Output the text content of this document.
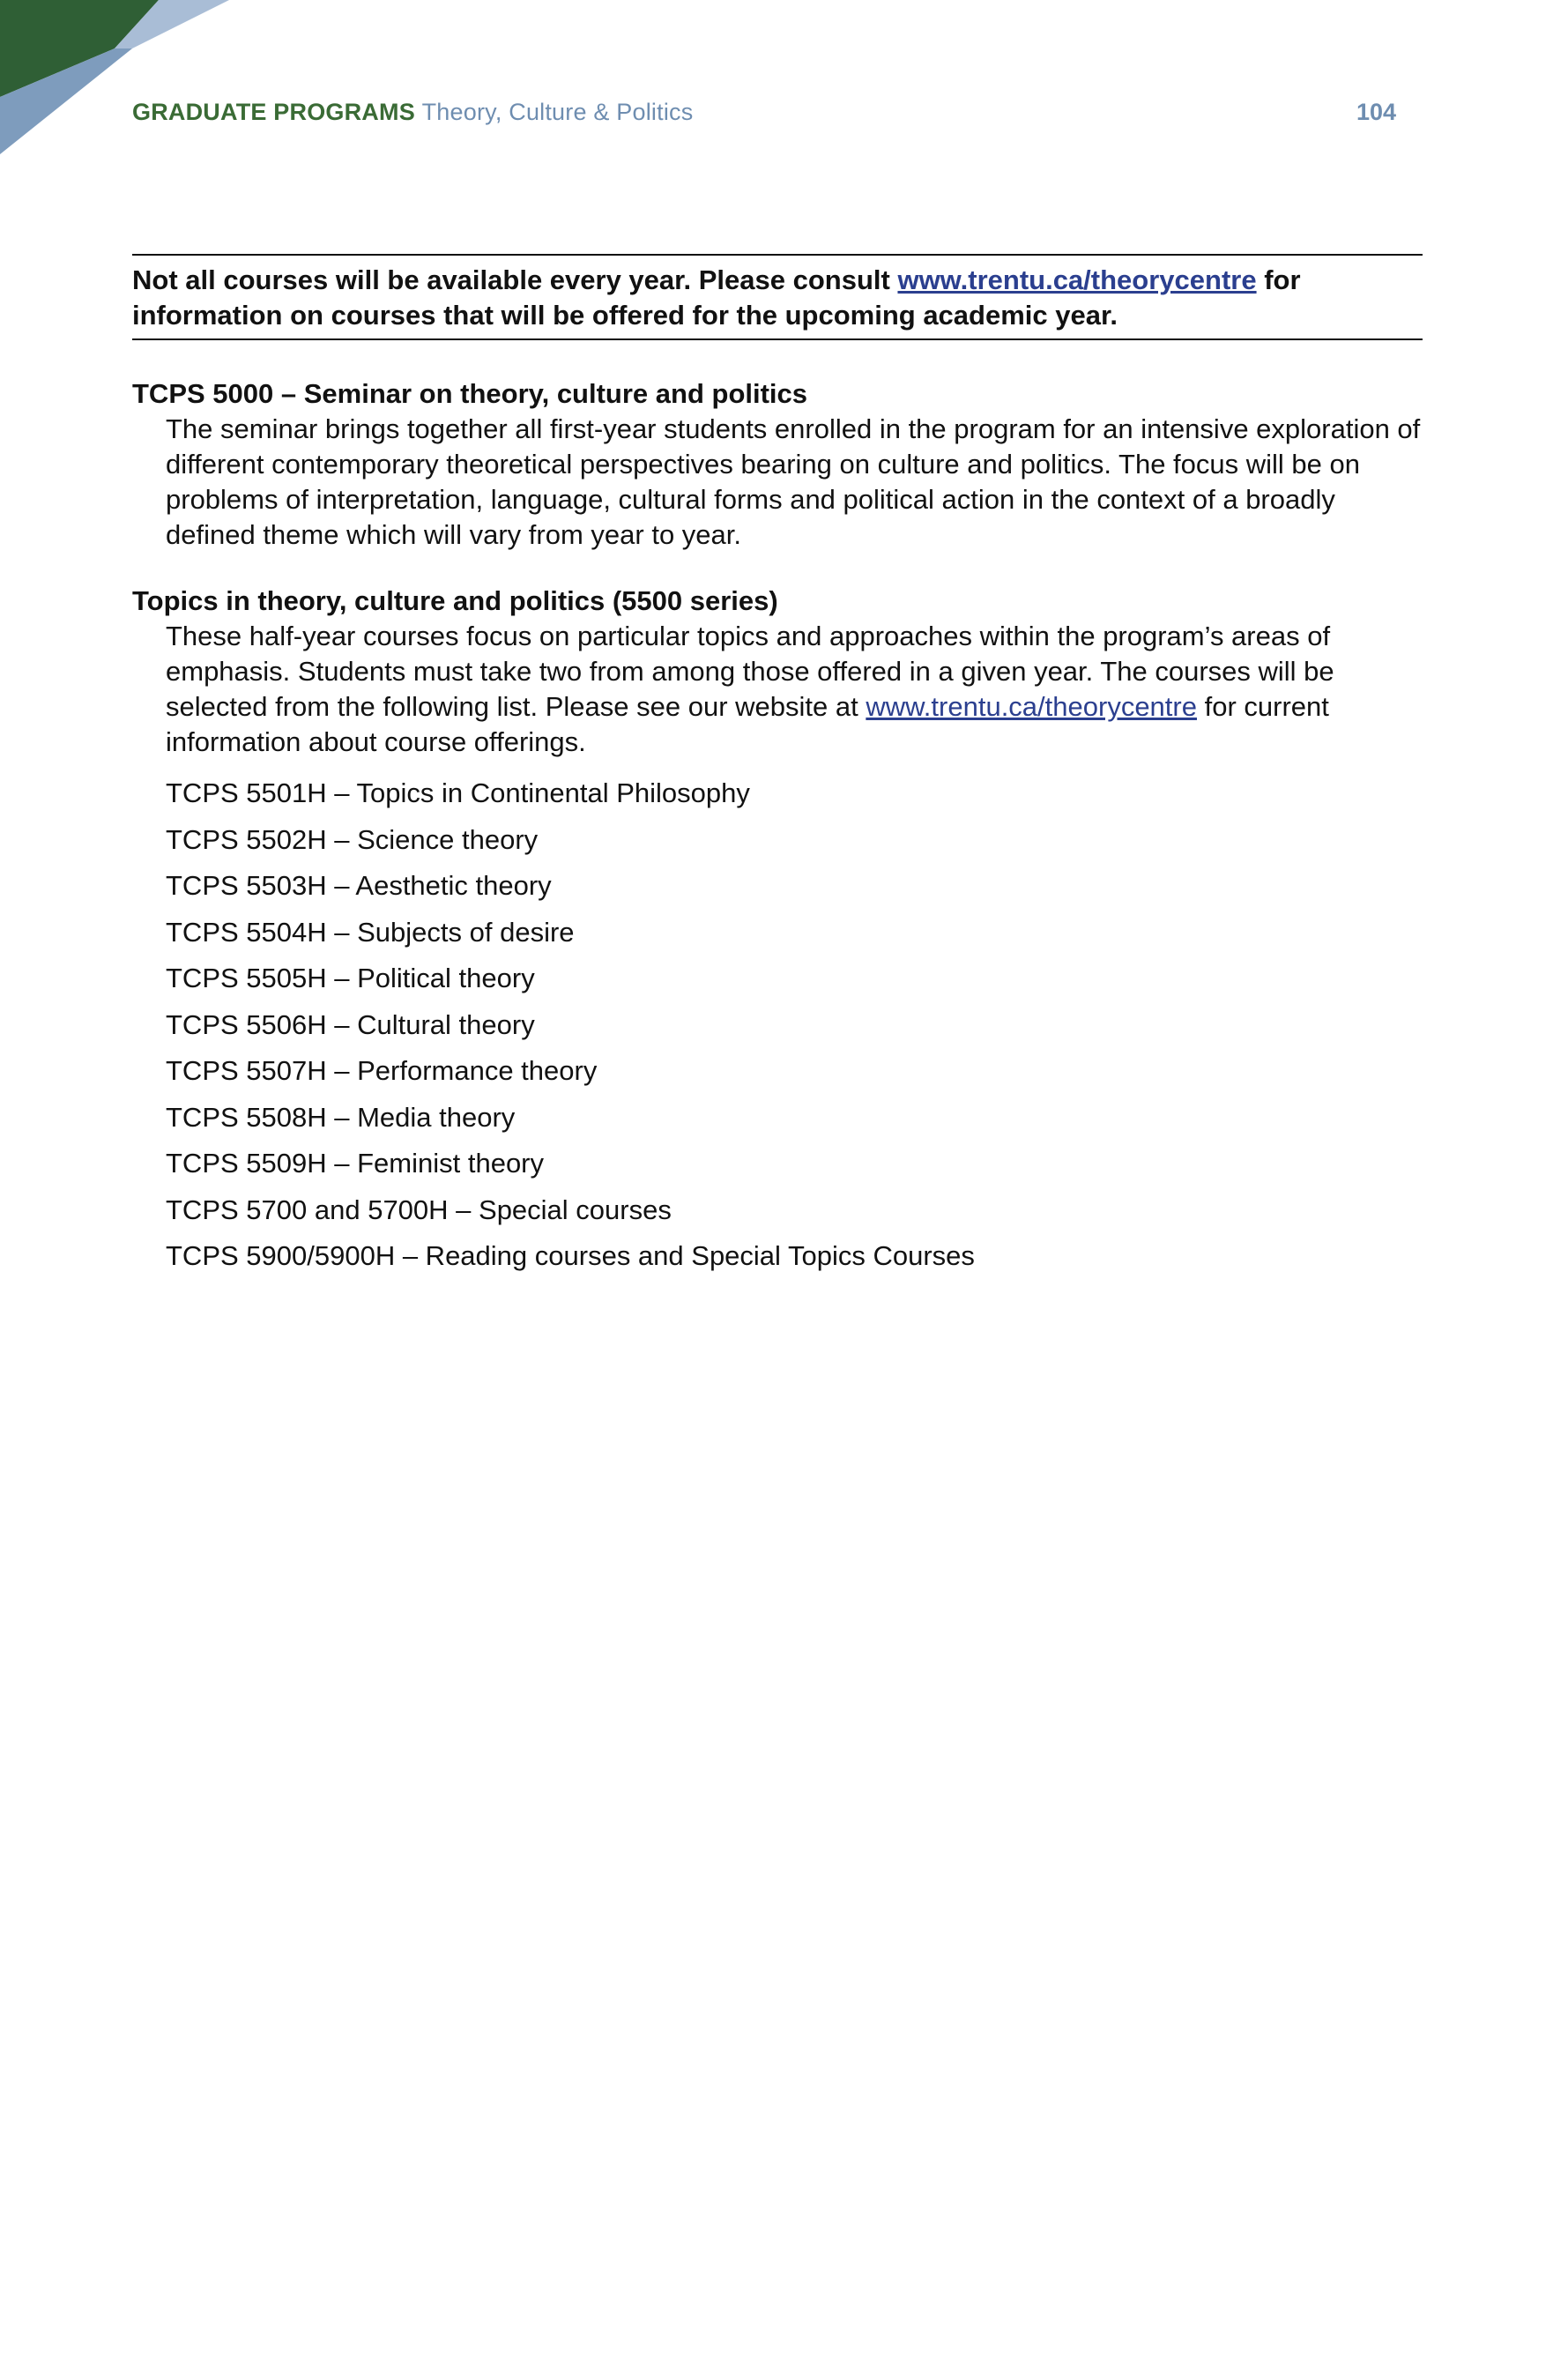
GRADUATE PROGRAMS Theory, Culture & Politics	104
Not all courses will be available every year. Please consult www.trentu.ca/theorycentre for information on courses that will be offered for the upcoming academic year.
TCPS 5000 – Seminar on theory, culture and politics
The seminar brings together all first-year students enrolled in the program for an intensive exploration of different contemporary theoretical perspectives bearing on culture and politics. The focus will be on problems of interpretation, language, cultural forms and political action in the context of a broadly defined theme which will vary from year to year.
Topics in theory, culture and politics (5500 series)
These half-year courses focus on particular topics and approaches within the program’s areas of emphasis. Students must take two from among those offered in a given year. The courses will be selected from the following list. Please see our website at www.trentu.ca/theorycentre for current information about course offerings.
TCPS 5501H – Topics in Continental Philosophy
TCPS 5502H – Science theory
TCPS 5503H – Aesthetic theory
TCPS 5504H – Subjects of desire
TCPS 5505H – Political theory
TCPS 5506H – Cultural theory
TCPS 5507H – Performance theory
TCPS 5508H – Media theory
TCPS 5509H – Feminist theory
TCPS 5700 and 5700H – Special courses
TCPS 5900/5900H – Reading courses and Special Topics Courses
